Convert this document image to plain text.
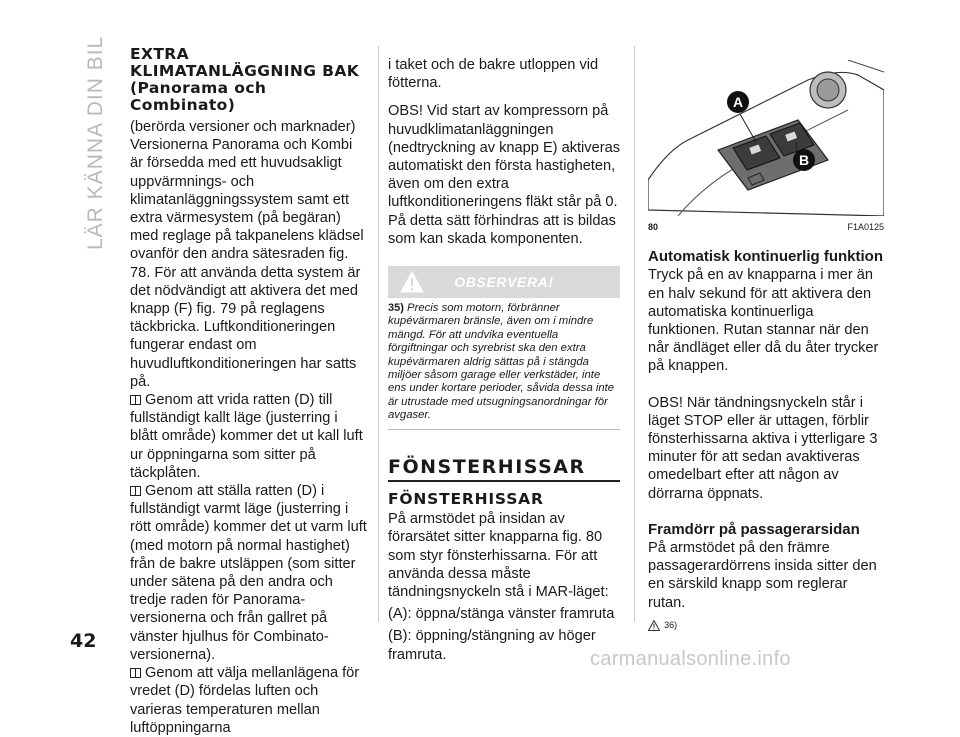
LÄR KÄNNA DIN BIL EXTRA KLIMATANLÄGGNING BAK (Panorama och Combinato)

(berörda versioner och marknader) Versionerna Panorama och Kombi är försedda med ett huvudsakligt uppvärmnings- och klimatanläggningssystem samt ett extra värmesystem (på begäran) med reglage på takpanelens klädsel ovanför den andra sätesraden fig. 78. För att använda detta system är det nödvändigt att aktivera det med knapp (F) fig. 79 på reglagens täckbricka. Luftkonditioneringen fungerar endast om huvudluftkonditioneringen har satts på.

Genom att vrida ratten (D) till fullständigt kallt läge (justerring i blått område) kommer det ut kall luft ur öppningarna som sitter på täckplåten.

Genom att ställa ratten (D) i fullständigt varmt läge (justerring i rött område) kommer det ut varm luft (med motorn på normal hastighet) från de bakre utsläppen (som sitter under sätena på den andra och tredje raden för Panorama-versionerna och från gallret på vänster hjulhus för Combinato-versionerna).

Genom att välja mellanlägena för vredet (D) fördelas luften och varieras temperaturen mellan luftöppningarna

i taket och de bakre utloppen vid fötterna.

OBS! Vid start av kompressorn på huvudklimatanläggningen (nedtryckning av knapp E) aktiveras automatiskt den första hastigheten, även om den extra luftkonditioneringens fläkt står på 0. På detta sätt förhindras att is bildas som kan skada komponenten.

OBSERVERA!
35) Precis som motorn, förbränner kupévärmaren bränsle, även om i mindre mängd. För att undvika eventuella förgiftningar och syrebrist ska den extra kupévärmaren aldrig sättas på i stängda miljöer såsom garage eller verkstäder, inte ens under kortare perioder, såvida dessa inte är utrustade med utsugningsanordningar för avgaser.
FÖNSTERHISSAR
FÖNSTERHISSAR

På armstödet på insidan av förarsätet sitter knapparna fig. 80 som styr fönsterhissarna. För att använda dessa måste tändningsnyckeln stå i MAR-läget:

(A): öppna/stänga vänster framruta

(B): öppning/stängning av höger framruta.

A
B
80	F1A0125
Automatisk kontinuerlig funktion

Tryck på en av knapparna i mer än en halv sekund för att aktivera den automatiska kontinuerliga funktionen. Rutan stannar när den når ändläget eller då du åter trycker på knappen.

OBS! När tändningsnyckeln står i läget STOP eller är uttagen, förblir fönsterhissarna aktiva i ytterligare 3 minuter för att sedan avaktiveras omedelbart efter att någon av dörrarna öppnats.

Framdörr på passagerarsidan

På armstödet på den främre passagerardörrens insida sitter den en särskild knapp som reglerar rutan.

36)
42
carmanualsonline.info
